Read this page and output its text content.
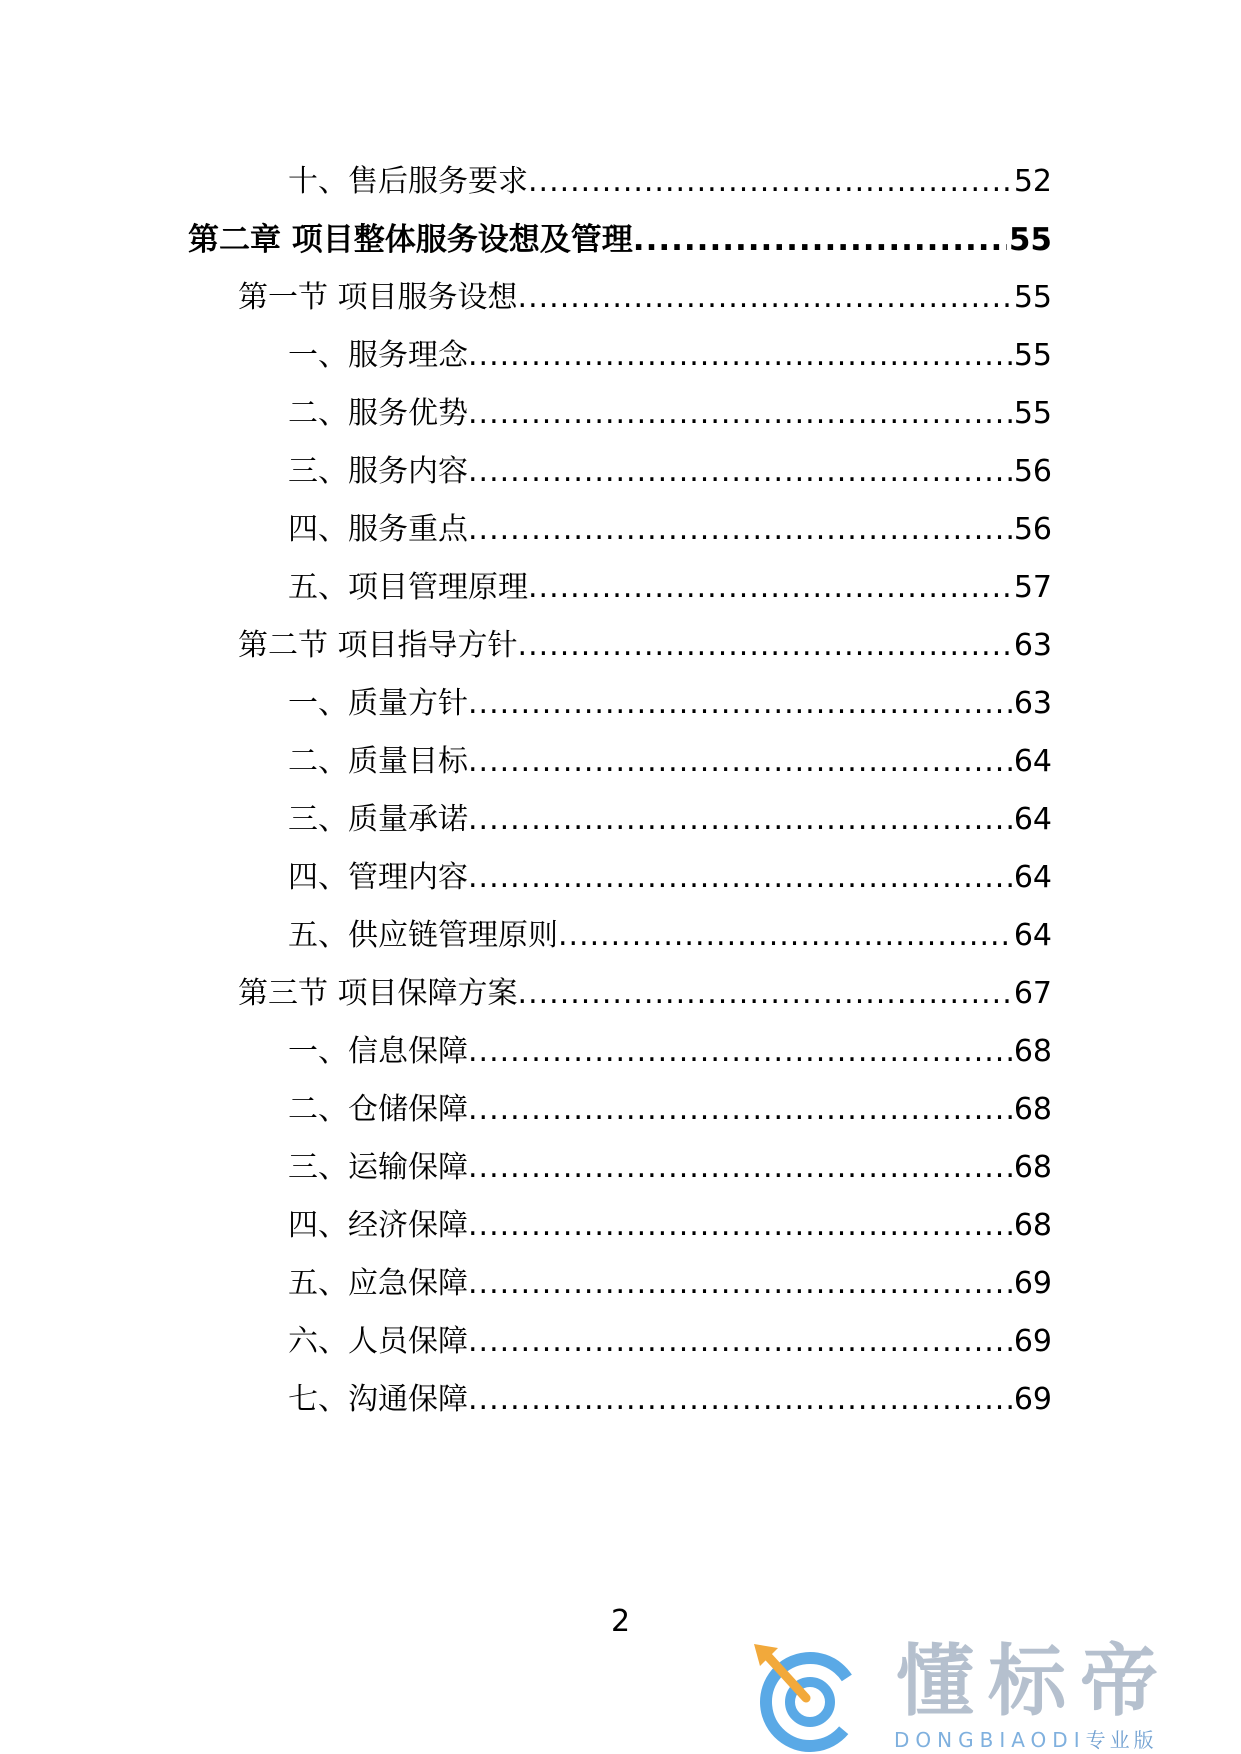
十、售后服务要求 .....	52
第二章 项目整体服务设想及管理 .....	55
第一节 项目服务设想 .....	55
一、服务理念 .....	55
二、服务优势 .....	55
三、服务内容 .....	56
四、服务重点 .....	56
五、项目管理原理 .....	57
第二节 项目指导方针 .....	63
一、质量方针 .....	63
二、质量目标 .....	64
三、质量承诺 .....	64
四、管理内容 .....	64
五、供应链管理原则 .....	64
第三节 项目保障方案 .....	67
一、信息保障 .....	68
二、仓储保障 .....	68
三、运输保障 .....	68
四、经济保障 .....	68
五、应急保障 .....	69
六、人员保障 .....	69
七、沟通保障 .....	69
2
懂标帝
DONGBIAODI专业版
